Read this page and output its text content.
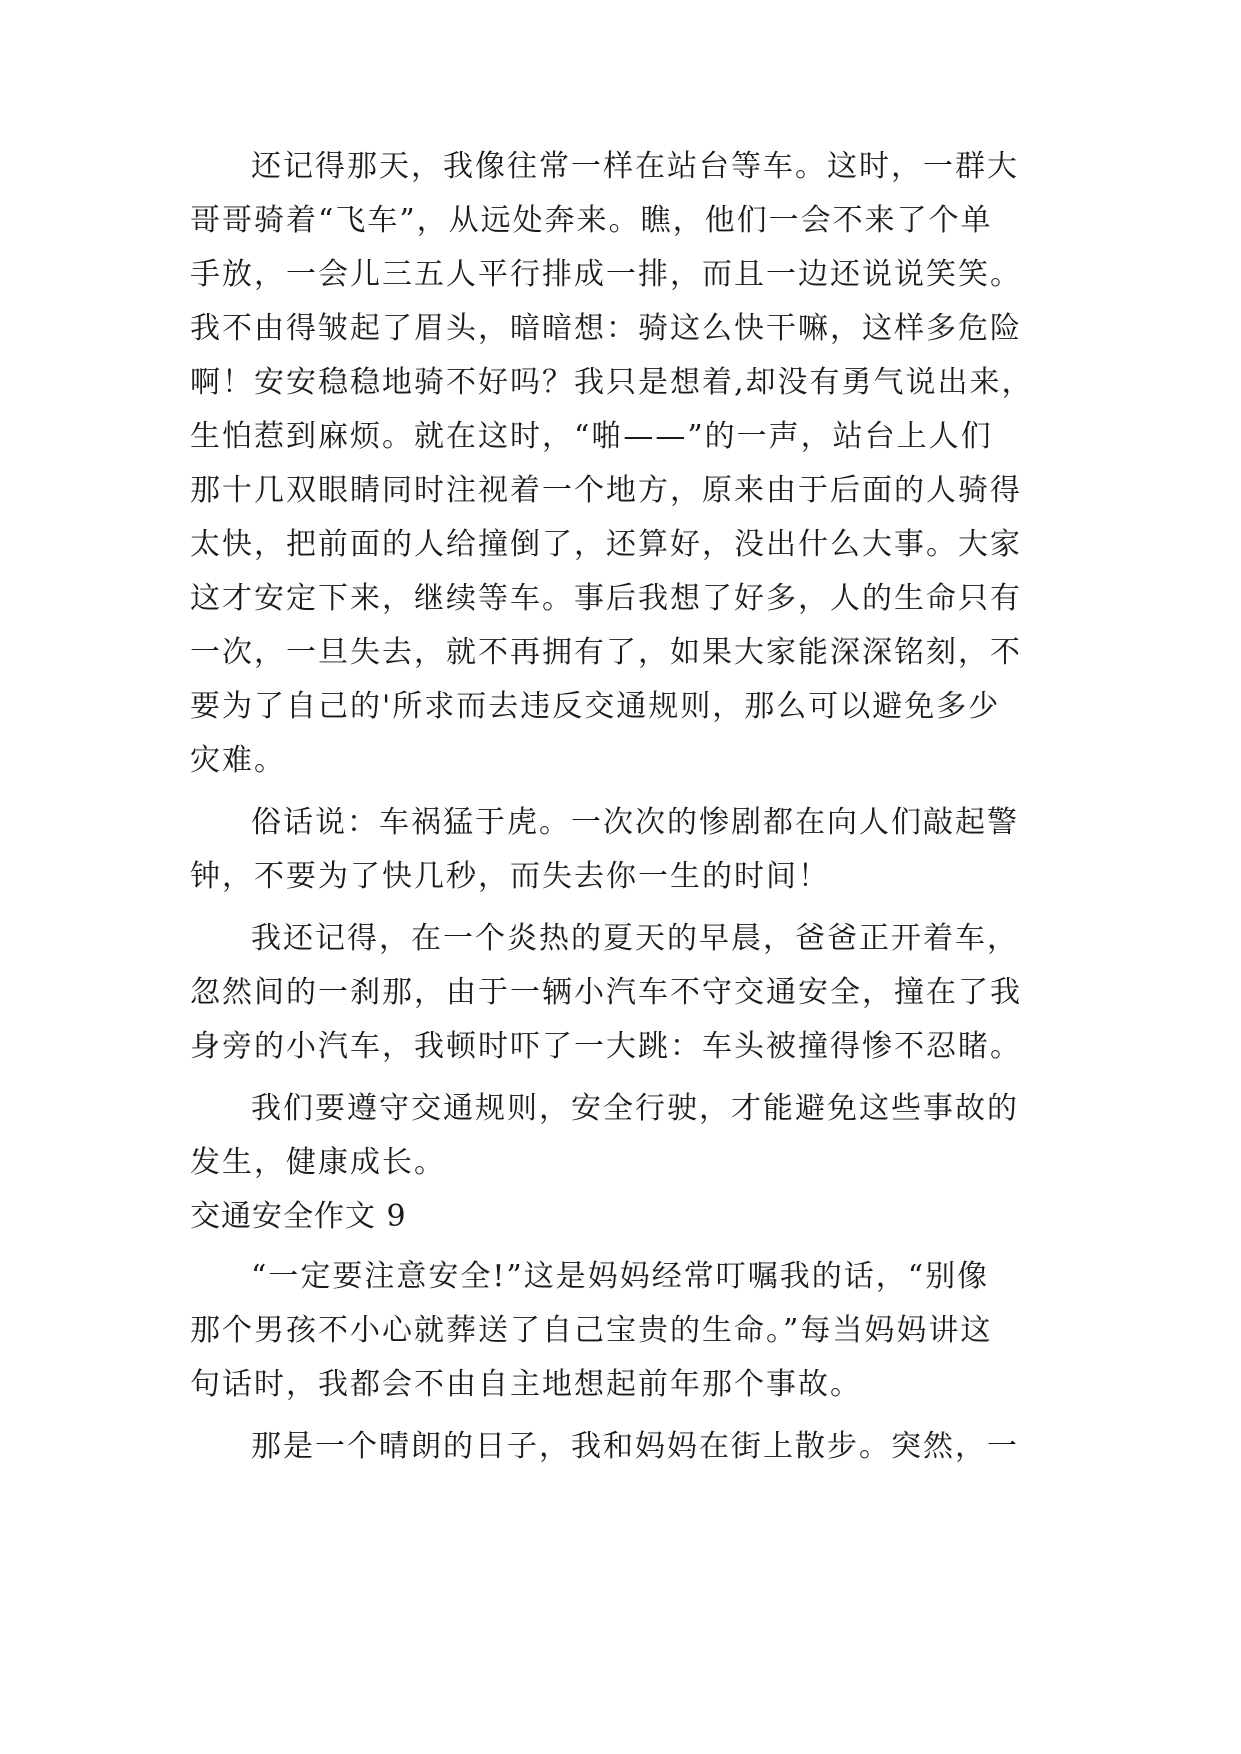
还记得那天，我像往常一样在站台等车。这时，一群大
哥哥骑着“飞车”，从远处奔来。瞧，他们一会不来了个单
手放，一会儿三五人平行排成一排，而且一边还说说笑笑。
我不由得皱起了眉头，暗暗想：骑这么快干嘛，这样多危险
啊！安安稳稳地骑不好吗？我只是想着,却没有勇气说出来，
生怕惹到麻烦。就在这时，“啪——”的一声，站台上人们
那十几双眼睛同时注视着一个地方，原来由于后面的人骑得
太快，把前面的人给撞倒了，还算好，没出什么大事。大家
这才安定下来，继续等车。事后我想了好多，人的生命只有
一次，一旦失去，就不再拥有了，如果大家能深深铭刻，不
要为了自己的'所求而去违反交通规则，那么可以避免多少
灾难。
俗话说：车祸猛于虎。一次次的惨剧都在向人们敲起警
钟，不要为了快几秒，而失去你一生的时间！
我还记得，在一个炎热的夏天的早晨，爸爸正开着车，
忽然间的一刹那，由于一辆小汽车不守交通安全，撞在了我
身旁的小汽车，我顿时吓了一大跳：车头被撞得惨不忍睹。
我们要遵守交通规则，安全行驶，才能避免这些事故的
发生，健康成长。
交通安全作文 9
“一定要注意安全!”这是妈妈经常叮嘱我的话，“别像
那个男孩不小心就葬送了自己宝贵的生命。”每当妈妈讲这
句话时，我都会不由自主地想起前年那个事故。
那是一个晴朗的日子，我和妈妈在街上散步。突然，一
